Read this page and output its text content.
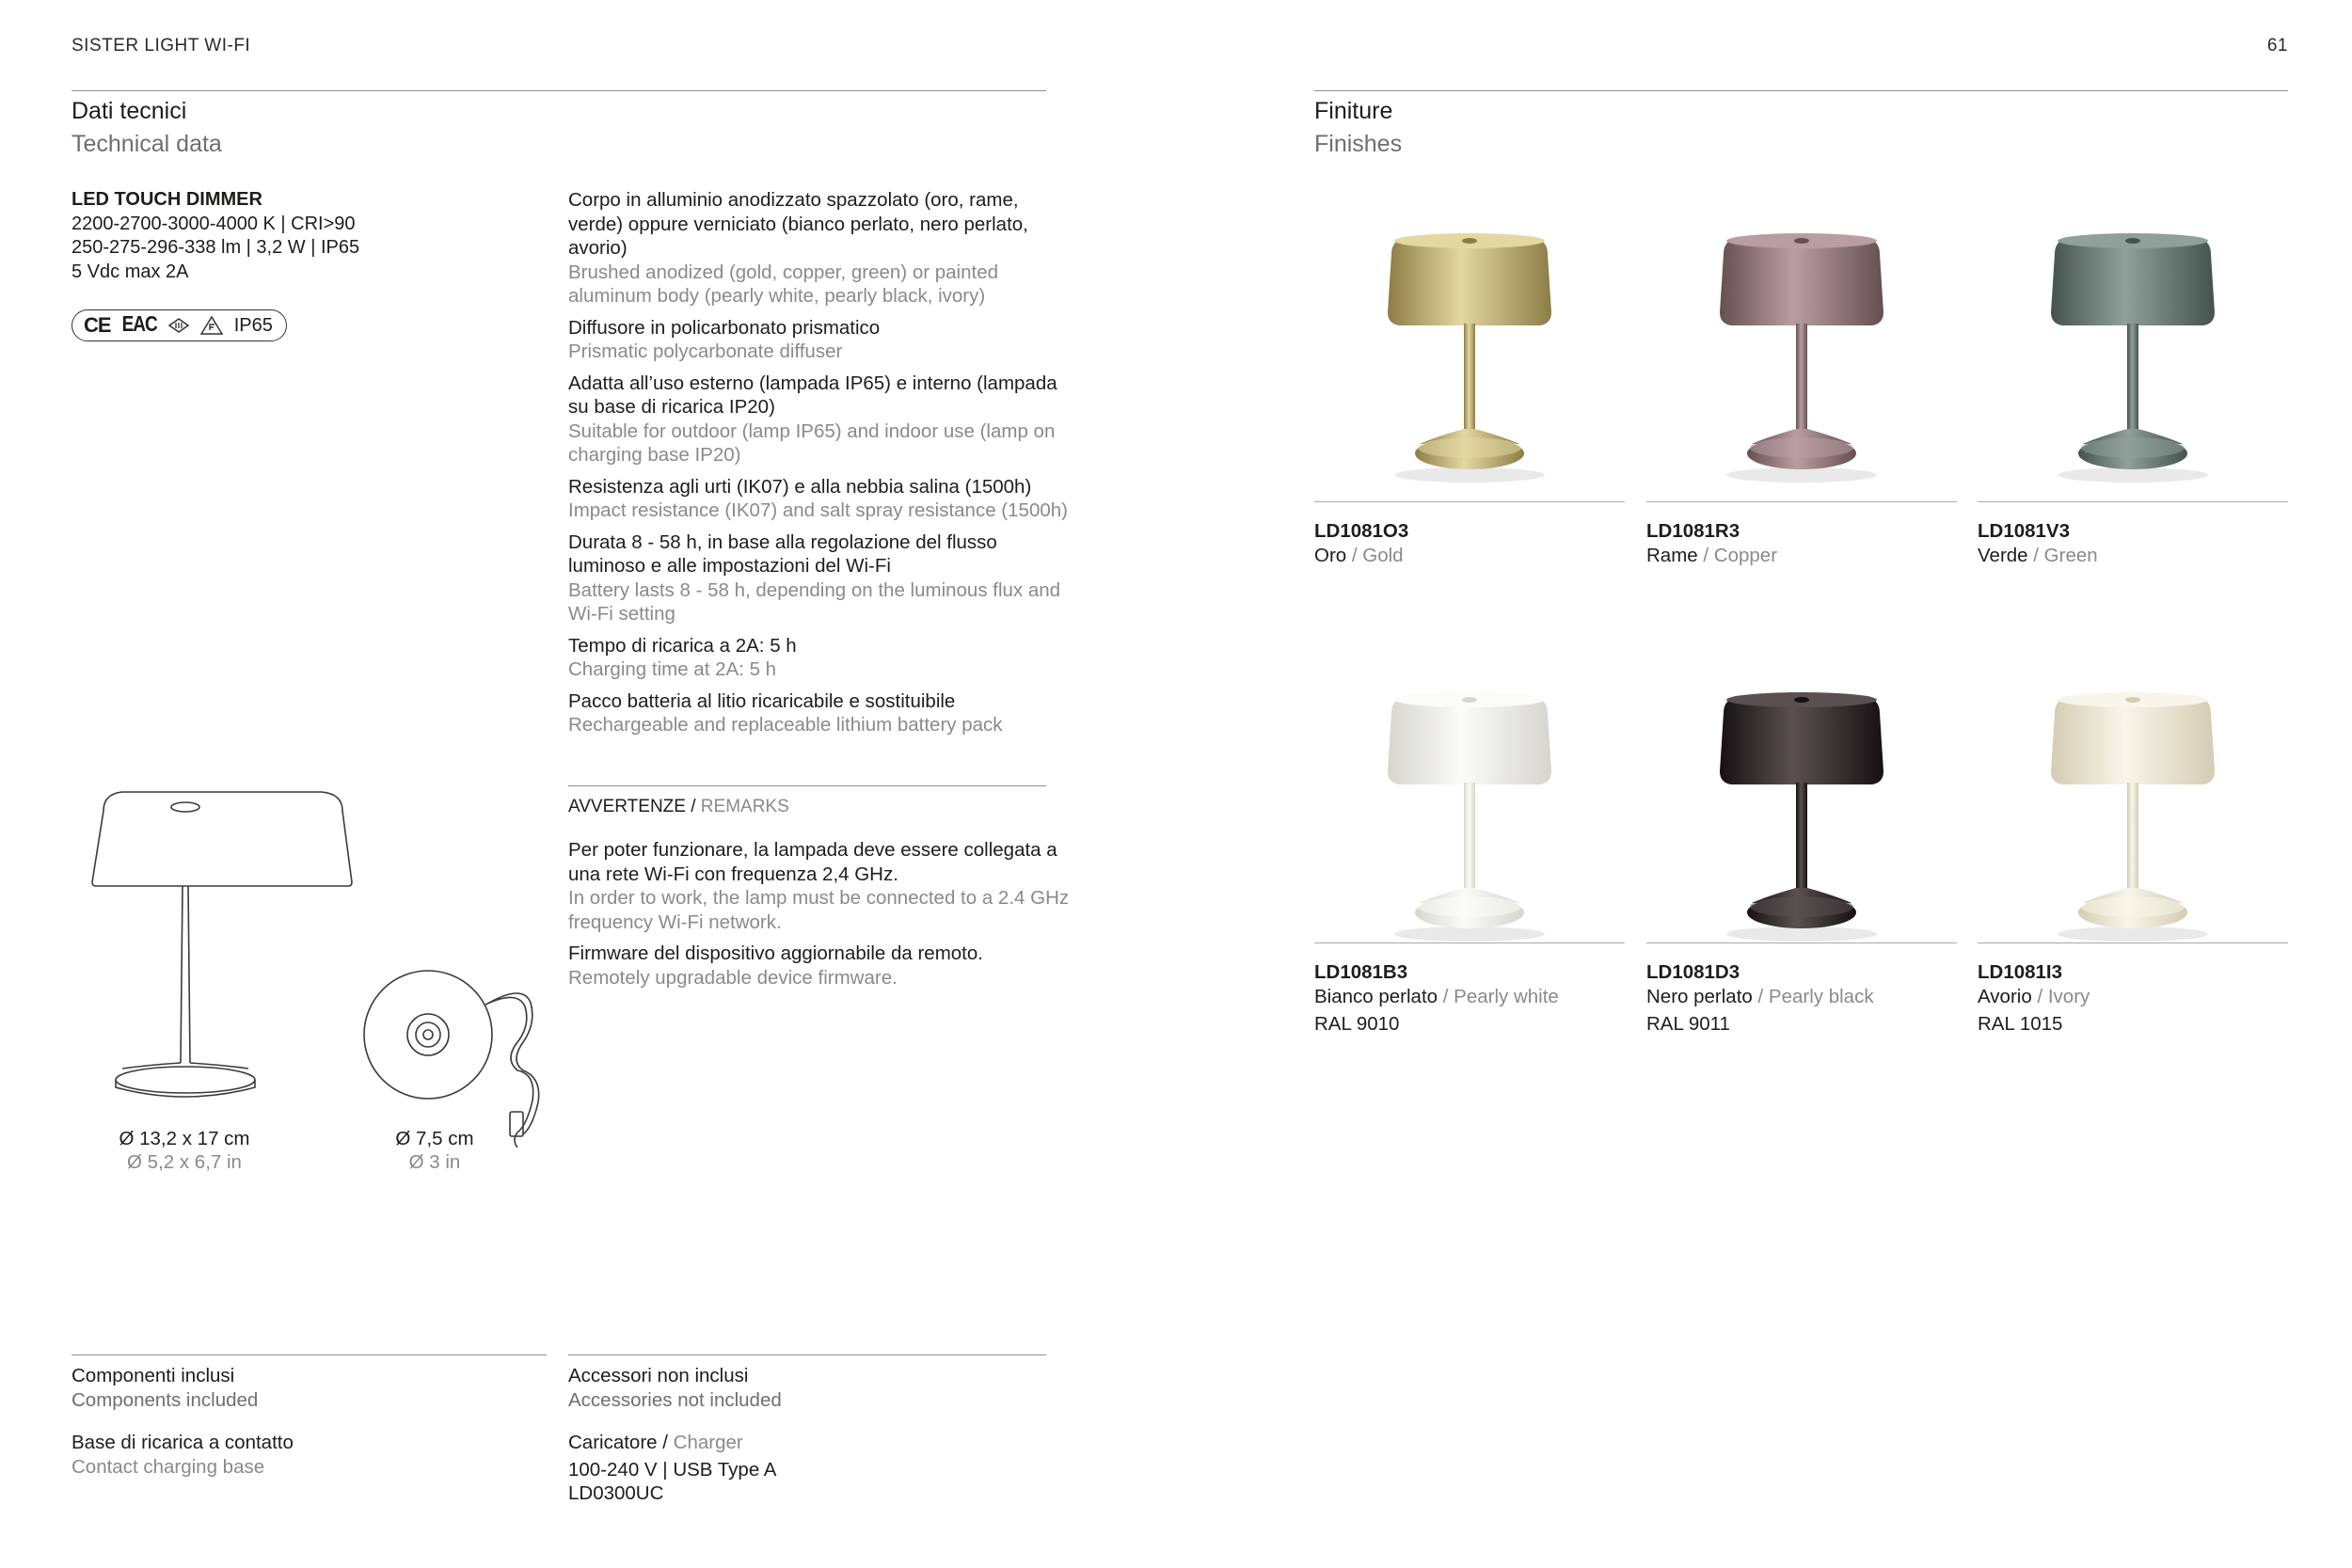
SISTER LIGHT WI-FI	61
Dati tecnici
Technical data
LED TOUCH DIMMER
2200-2700-3000-4000 K | CRI>90
250-275-296-338 lm | 3,2 W | IP65
5 Vdc max 2A
CE EAC	IP65
Corpo in alluminio anodizzato spazzolato (oro, rame, verde) oppure verniciato (bianco perlato, nero perlato, avorio)
Brushed anodized (gold, copper, green) or painted aluminum body (pearly white, pearly black, ivory)
Diffusore in policarbonato prismatico
Prismatic polycarbonate diffuser
Adatta all’uso esterno (lampada IP65) e interno (lampada su base di ricarica IP20)
Suitable for outdoor (lamp IP65) and indoor use (lamp on charging base IP20)
Resistenza agli urti (IK07) e alla nebbia salina (1500h)
Impact resistance (IK07) and salt spray resistance (1500h)
Durata 8 - 58 h, in base alla regolazione del flusso luminoso e alle impostazioni del Wi-Fi
Battery lasts 8 - 58 h, depending on the luminous flux and Wi-Fi setting
Tempo di ricarica a 2A: 5 h
Charging time at 2A: 5 h
Pacco batteria al litio ricaricabile e sostituibile
Rechargeable and replaceable lithium battery pack
AVVERTENZE / REMARKS
Per poter funzionare, la lampada deve essere collegata a una rete Wi-Fi con frequenza 2,4 GHz.
In order to work, the lamp must be connected to a 2.4 GHz frequency Wi-Fi network.
Firmware del dispositivo aggiornabile da remoto.
Remotely upgradable device firmware.
Ø 13,2 x 17 cm
Ø 5,2 x 6,7 in
Ø 7,5 cm
Ø 3 in
Componenti inclusi
Components included
Base di ricarica a contatto
Contact charging base
Accessori non inclusi
Accessories not included
Caricatore / Charger
100-240 V | USB Type A
LD0300UC
Finiture
Finishes
LD1081O3
Oro / Gold
LD1081R3
Rame / Copper
LD1081V3
Verde / Green
LD1081B3
Bianco perlato / Pearly white
RAL 9010
LD1081D3
Nero perlato / Pearly black
RAL 9011
LD1081I3
Avorio / Ivory
RAL 1015
